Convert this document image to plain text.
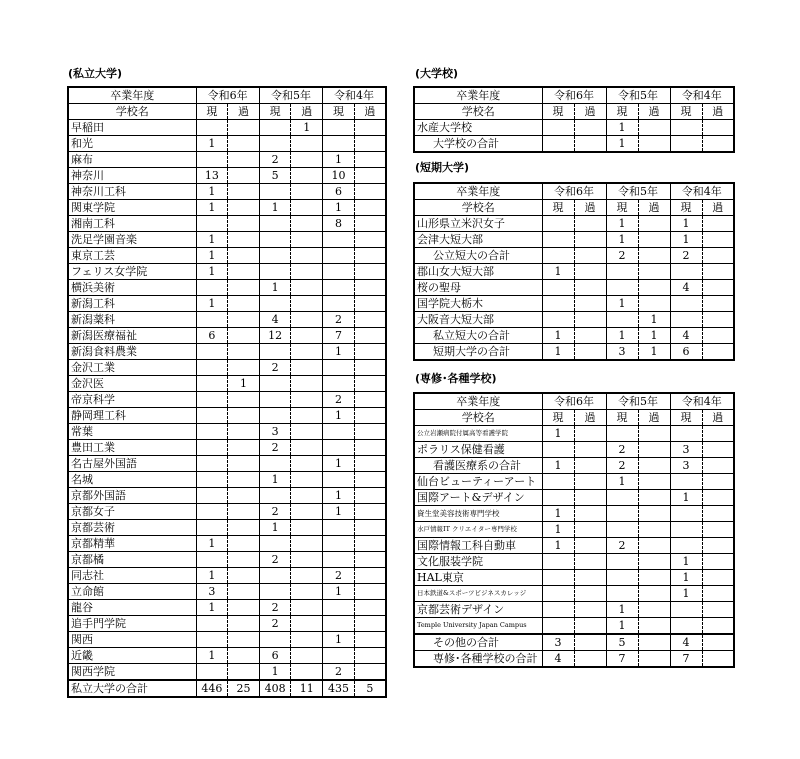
(私立大学)
卒業年度	令和6年		令和5年		令和4年	
学校名	現	過	現	過	現	過
早稲田				1		
和光	1					
麻布			2		1	
神奈川	13		5		10	
神奈川工科	1				6	
関東学院	1		1		1	
湘南工科					8	
洗足学園音楽	1					
東京工芸	1					
フェリス女学院	1					
横浜美術			1			
新潟工科	1					
新潟薬科			4		2	
新潟医療福祉	6		12		7	
新潟食料農業					1	
金沢工業			2			
金沢医		1				
帝京科学					2	
静岡理工科					1	
常葉			3			
豊田工業			2			
名古屋外国語					1	
名城			1			
京都外国語					1	
京都女子			2		1	
京都芸術			1			
京都精華	1					
京都橘			2			
同志社	1				2	
立命館	3				1	
龍谷	1		2			
追手門学院			2			
関西					1	
近畿	1		6			
関西学院			1		2	
私立大学の合計	446	25	408	11	435	5
(大学校)
卒業年度	令和6年		令和5年		令和4年	
学校名	現	過	現	過	現	過
水産大学校			1			
大学校の合計			1			
(短期大学)
卒業年度	令和6年		令和5年		令和4年	
学校名	現	過	現	過	現	過
山形県立米沢女子			1		1	
会津大短大部			1		1	
公立短大の合計			2		2	
郡山女大短大部	1					
桜の聖母					4	
国学院大栃木			1			
大阪音大短大部				1		
私立短大の合計	1		1	1	4	
短期大学の合計	1		3	1	6	
(専修･各種学校)
卒業年度	令和6年		令和5年		令和4年	
学校名	現	過	現	過	現	過
公立岩瀬病院付属高等看護学院	1					
ポラリス保健看護			2		3	
看護医療系の合計	1		2		3	
仙台ビューティーアート			1			
国際アート&デザイン					1	
資生堂美容技術専門学校	1					
水戸情報IT クリエイター専門学校	1					
国際情報工科自動車	1		2			
文化服装学院					1	
HAL東京					1	
日本鉄道&スポーツビジネスカレッジ					1	
京都芸術デザイン			1			
Temple University Japan Campus			1			
その他の合計	3		5		4	
専修･各種学校の合計	4		7		7	
